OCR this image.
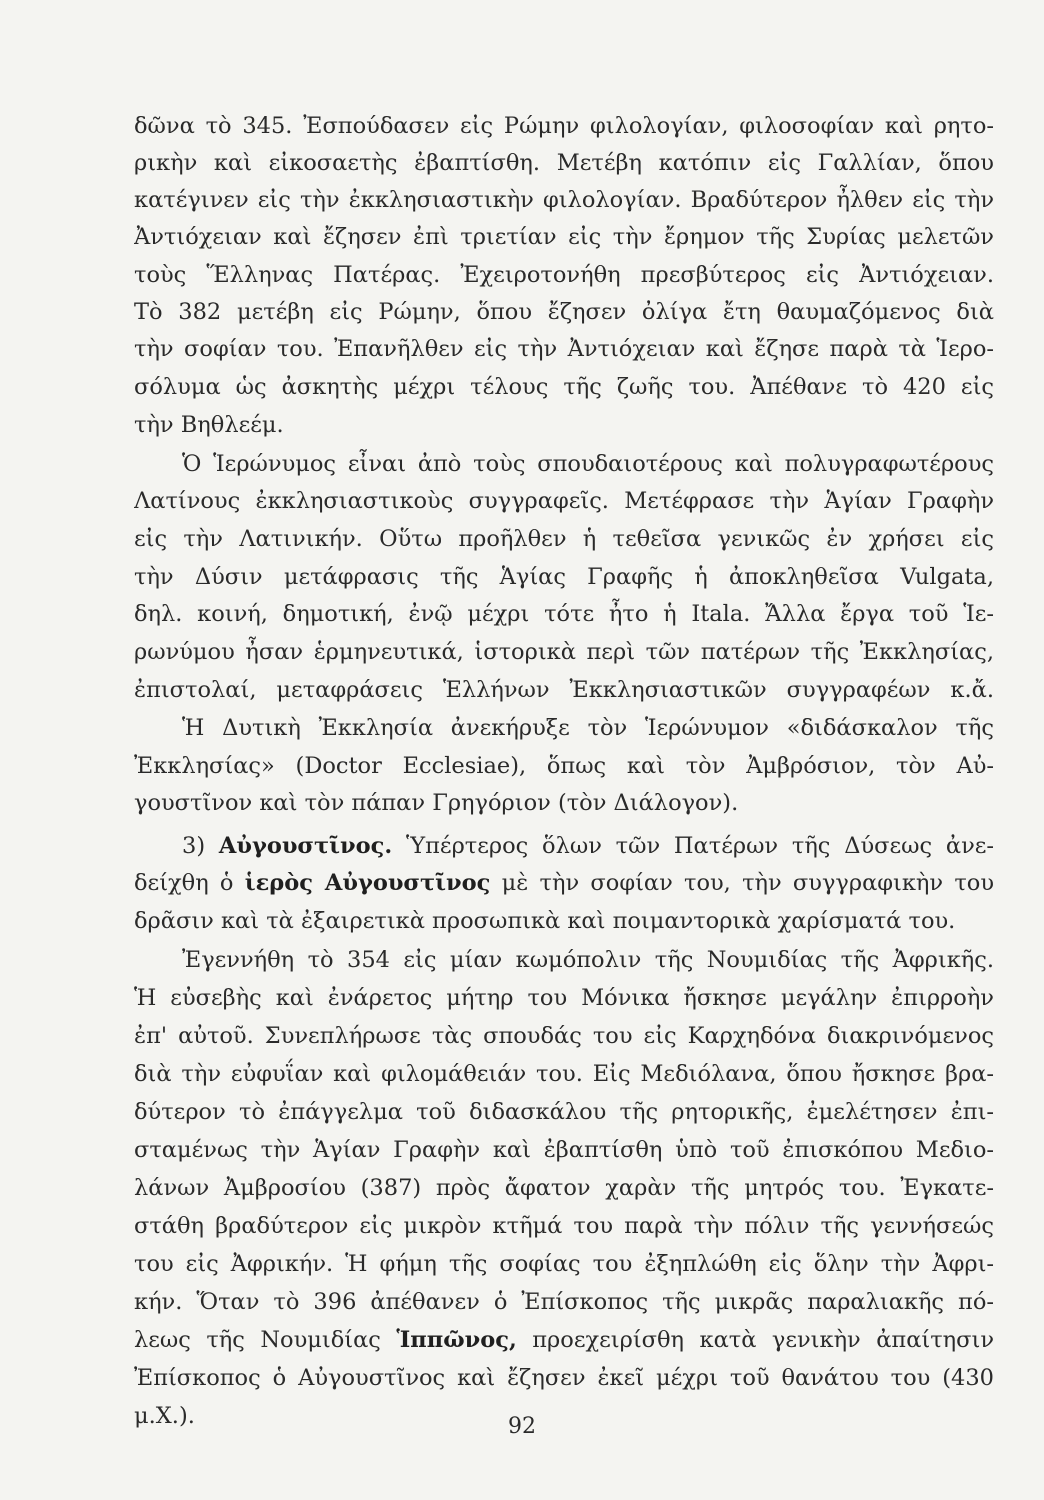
δῶνα τὸ 345. Ἐσπούδασεν εἰς Ρώμην φιλολογίαν, φιλοσοφίαν καὶ ρητο-
ρικὴν καὶ εἰκοσαετὴς ἐβαπτίσθη. Μετέβη κατόπιν εἰς Γαλλίαν, ὅπου
κατέγινεν εἰς τὴν ἐκκλησιαστικὴν φιλολογίαν. Βραδύτερον ἦλθεν εἰς τὴν
Ἀντιόχειαν καὶ ἔζησεν ἐπὶ τριετίαν εἰς τὴν ἔρημον τῆς Συρίας μελετῶν
τοὺς Ἕλληνας Πατέρας. Ἐχειροτονήθη πρεσβύτερος εἰς Ἀντιόχειαν.
Τὸ 382 μετέβη εἰς Ρώμην, ὅπου ἔζησεν ὀλίγα ἔτη θαυμαζόμενος διὰ
τὴν σοφίαν του. Ἐπανῆλθεν εἰς τὴν Ἀντιόχειαν καὶ ἔζησε παρὰ τὰ Ἱερο-
σόλυμα ὡς ἀσκητὴς μέχρι τέλους τῆς ζωῆς του. Ἀπέθανε τὸ 420 εἰς
τὴν Βηθλεέμ.
Ὁ Ἱερώνυμος εἶναι ἀπὸ τοὺς σπουδαιοτέρους καὶ πολυγραφωτέρους
Λατίνους ἐκκλησιαστικοὺς συγγραφεῖς. Μετέφρασε τὴν Ἁγίαν Γραφὴν
εἰς τὴν Λατινικήν. Οὕτω προῆλθεν ἡ τεθεῖσα γενικῶς ἐν χρήσει εἰς
τὴν Δύσιν μετάφρασις τῆς Ἁγίας Γραφῆς ἡ ἀποκληθεῖσα Vulgata,
δηλ. κοινή, δημοτική, ἐνῷ μέχρι τότε ἦτο ἡ Itala. Ἄλλα ἔργα τοῦ Ἱε-
ρωνύμου ἦσαν ἑρμηνευτικά, ἱστορικὰ περὶ τῶν πατέρων τῆς Ἐκκλησίας,
ἐπιστολαί, μεταφράσεις Ἑλλήνων Ἐκκλησιαστικῶν συγγραφέων κ.ἄ.
Ἡ Δυτικὴ Ἐκκλησία ἀνεκήρυξε τὸν Ἱερώνυμον «διδάσκαλον τῆς
Ἐκκλησίας» (Doctor Ecclesiae), ὅπως καὶ τὸν Ἀμβρόσιον, τὸν Αὐ-
γουστῖνον καὶ τὸν πάπαν Γρηγόριον (τὸν Διάλογον).
3) Αὐγουστῖνος. Ὑπέρτερος ὅλων τῶν Πατέρων τῆς Δύσεως ἀνε-
δείχθη ὁ ἱερὸς Αὐγουστῖνος μὲ τὴν σοφίαν του, τὴν συγγραφικὴν του
δρᾶσιν καὶ τὰ ἐξαιρετικὰ προσωπικὰ καὶ ποιμαντορικὰ χαρίσματά του.
Ἐγεννήθη τὸ 354 εἰς μίαν κωμόπολιν τῆς Νουμιδίας τῆς Ἀφρικῆς.
Ἡ εὐσεβὴς καὶ ἐνάρετος μήτηρ του Μόνικα ἤσκησε μεγάλην ἐπιρροὴν
ἐπ' αὐτοῦ. Συνεπλήρωσε τὰς σπουδάς του εἰς Καρχηδόνα διακρινόμενος
διὰ τὴν εὐφυΐαν καὶ φιλομάθειάν του. Εἰς Μεδιόλανα, ὅπου ἤσκησε βρα-
δύτερον τὸ ἐπάγγελμα τοῦ διδασκάλου τῆς ρητορικῆς, ἐμελέτησεν ἐπι-
σταμένως τὴν Ἁγίαν Γραφὴν καὶ ἐβαπτίσθη ὑπὸ τοῦ ἐπισκόπου Μεδιο-
λάνων Ἀμβροσίου (387) πρὸς ἄφατον χαρὰν τῆς μητρός του. Ἐγκατε-
στάθη βραδύτερον εἰς μικρὸν κτῆμά του παρὰ τὴν πόλιν τῆς γεννήσεώς
του εἰς Ἀφρικήν. Ἡ φήμη τῆς σοφίας του ἐξηπλώθη εἰς ὅλην τὴν Ἀφρι-
κήν. Ὅταν τὸ 396 ἀπέθανεν ὁ Ἐπίσκοπος τῆς μικρᾶς παραλιακῆς πό-
λεως τῆς Νουμιδίας Ἱππῶνος, προεχειρίσθη κατὰ γενικὴν ἀπαίτησιν
Ἐπίσκοπος ὁ Αὐγουστῖνος καὶ ἔζησεν ἐκεῖ μέχρι τοῦ θανάτου του (430
μ.Χ.).	92
